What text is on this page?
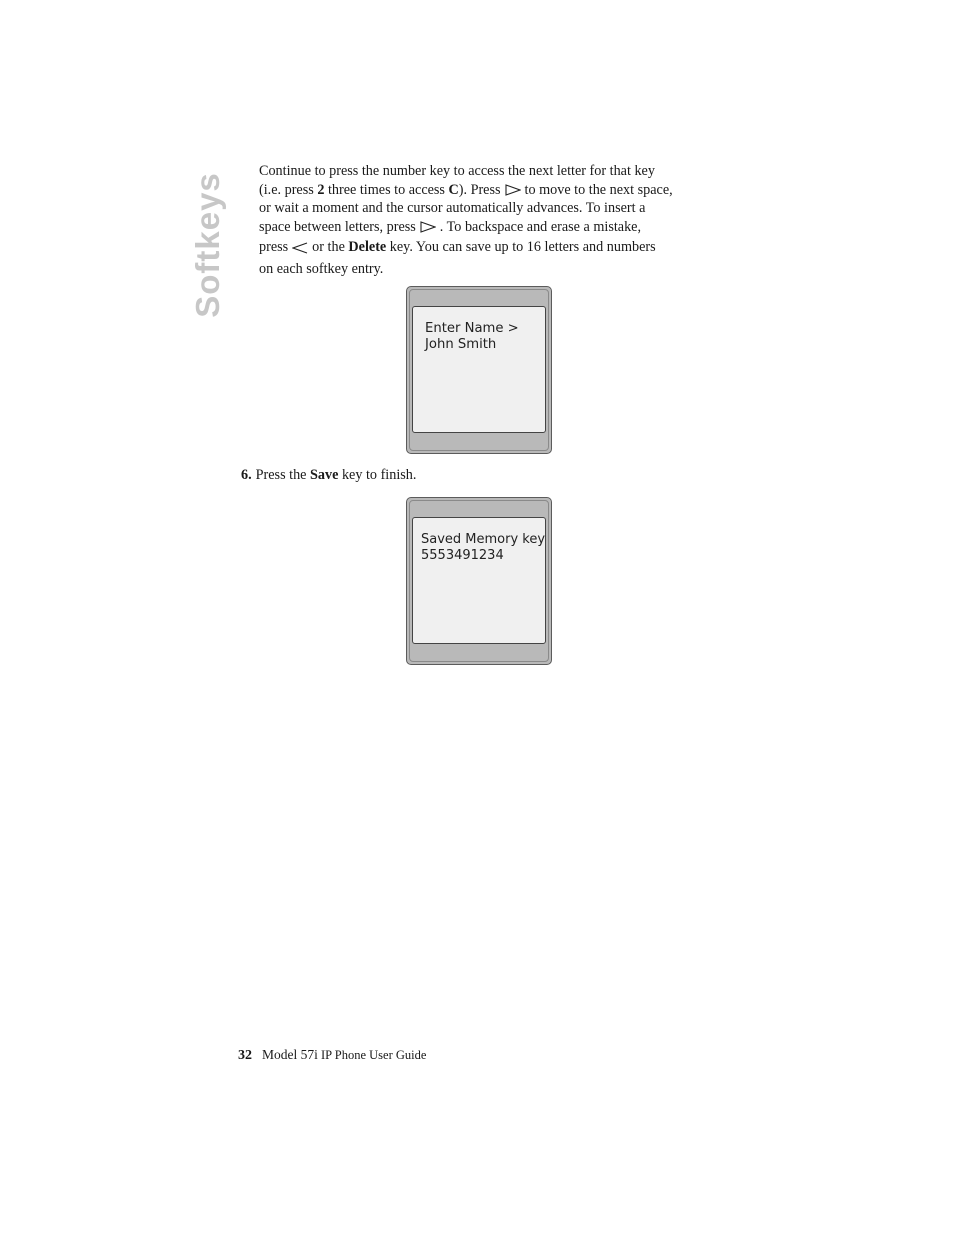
Softkeys
Continue to press the number key to access the next letter for that key
(i.e. press 2 three times to access C). Press to move to the next space,
or wait a moment and the cursor automatically advances. To insert a
space between letters, press . To backspace and erase a mistake,
press or the Delete key. You can save up to 16 letters and numbers
on each softkey entry.
Enter Name >
John Smith
6. Press the Save key to finish.
Saved Memory key
5553491234
32 Model 57i IP Phone User Guide
